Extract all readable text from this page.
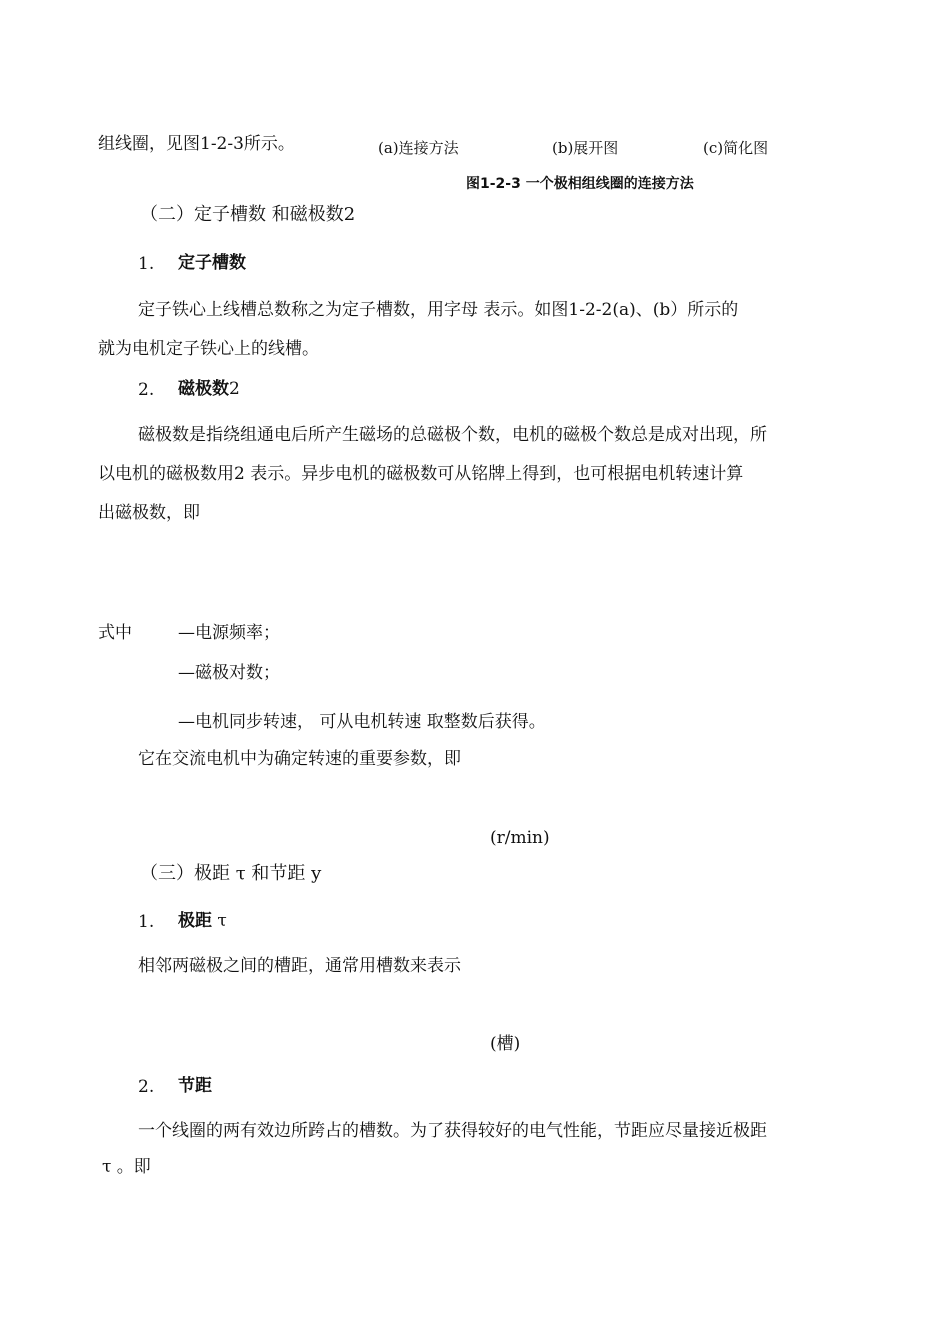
组线圈，见图1-2-3所示。	(a)连接方法	(b)展开图	(c)简化图
图1-2-3 一个极相组线圈的连接方法
（二）定子槽数 和磁极数2
1. 定子槽数
定子铁心上线槽总数称之为定子槽数，用字母 表示。如图1-2-2(a)、(b）所示的
就为电机定子铁心上的线槽。
2. 磁极数2
磁极数是指绕组通电后所产生磁场的总磁极个数，电机的磁极个数总是成对出现，所
以电机的磁极数用2 表示。异步电机的磁极数可从铭牌上得到，也可根据电机转速计算
出磁极数，即
式中	—电源频率；
—磁极对数；
—电机同步转速， 可从电机转速 取整数后获得。
它在交流电机中为确定转速的重要参数，即
(r/min)
（三）极距 τ 和节距 y
1. 极距 τ
相邻两磁极之间的槽距，通常用槽数来表示
(槽)
2. 节距
一个线圈的两有效边所跨占的槽数。为了获得较好的电气性能，节距应尽量接近极距
τ 。即
